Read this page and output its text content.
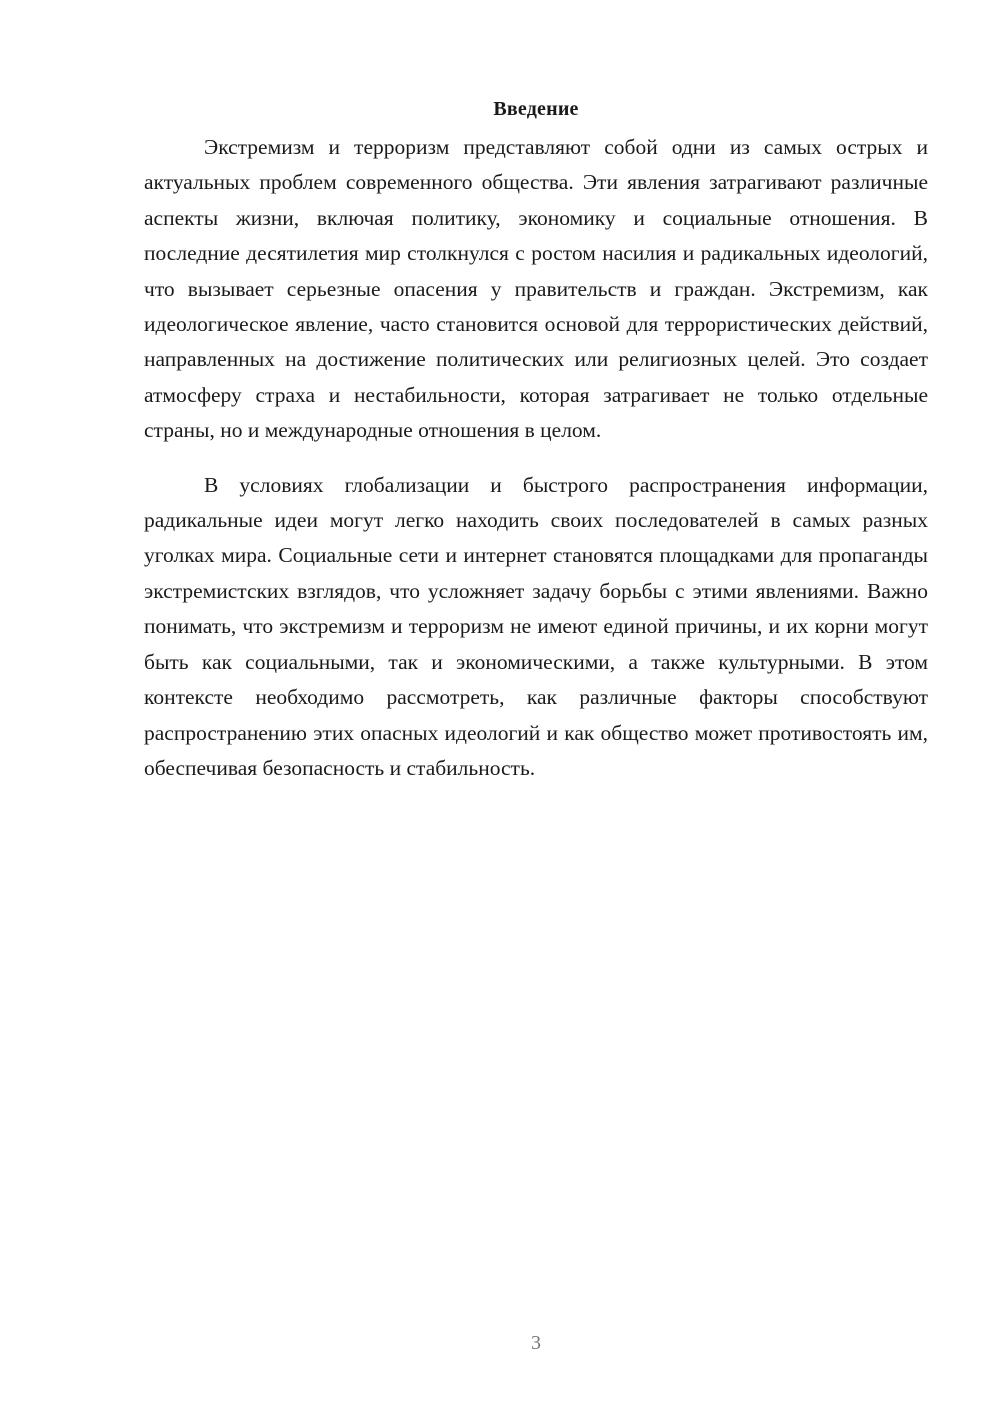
Введение

Экстремизм и терроризм представляют собой одни из самых острых и актуальных проблем современного общества. Эти явления затрагивают различные аспекты жизни, включая политику, экономику и социальные отношения. В последние десятилетия мир столкнулся с ростом насилия и радикальных идеологий, что вызывает серьезные опасения у правительств и граждан. Экстремизм, как идеологическое явление, часто становится основой для террористических действий, направленных на достижение политических или религиозных целей. Это создает атмосферу страха и нестабильности, которая затрагивает не только отдельные страны, но и международные отношения в целом.

В условиях глобализации и быстрого распространения информации, радикальные идеи могут легко находить своих последователей в самых разных уголках мира. Социальные сети и интернет становятся площадками для пропаганды экстремистских взглядов, что усложняет задачу борьбы с этими явлениями. Важно понимать, что экстремизм и терроризм не имеют единой причины, и их корни могут быть как социальными, так и экономическими, а также культурными. В этом контексте необходимо рассмотреть, как различные факторы способствуют распространению этих опасных идеологий и как общество может противостоять им, обеспечивая безопасность и стабильность.

3
